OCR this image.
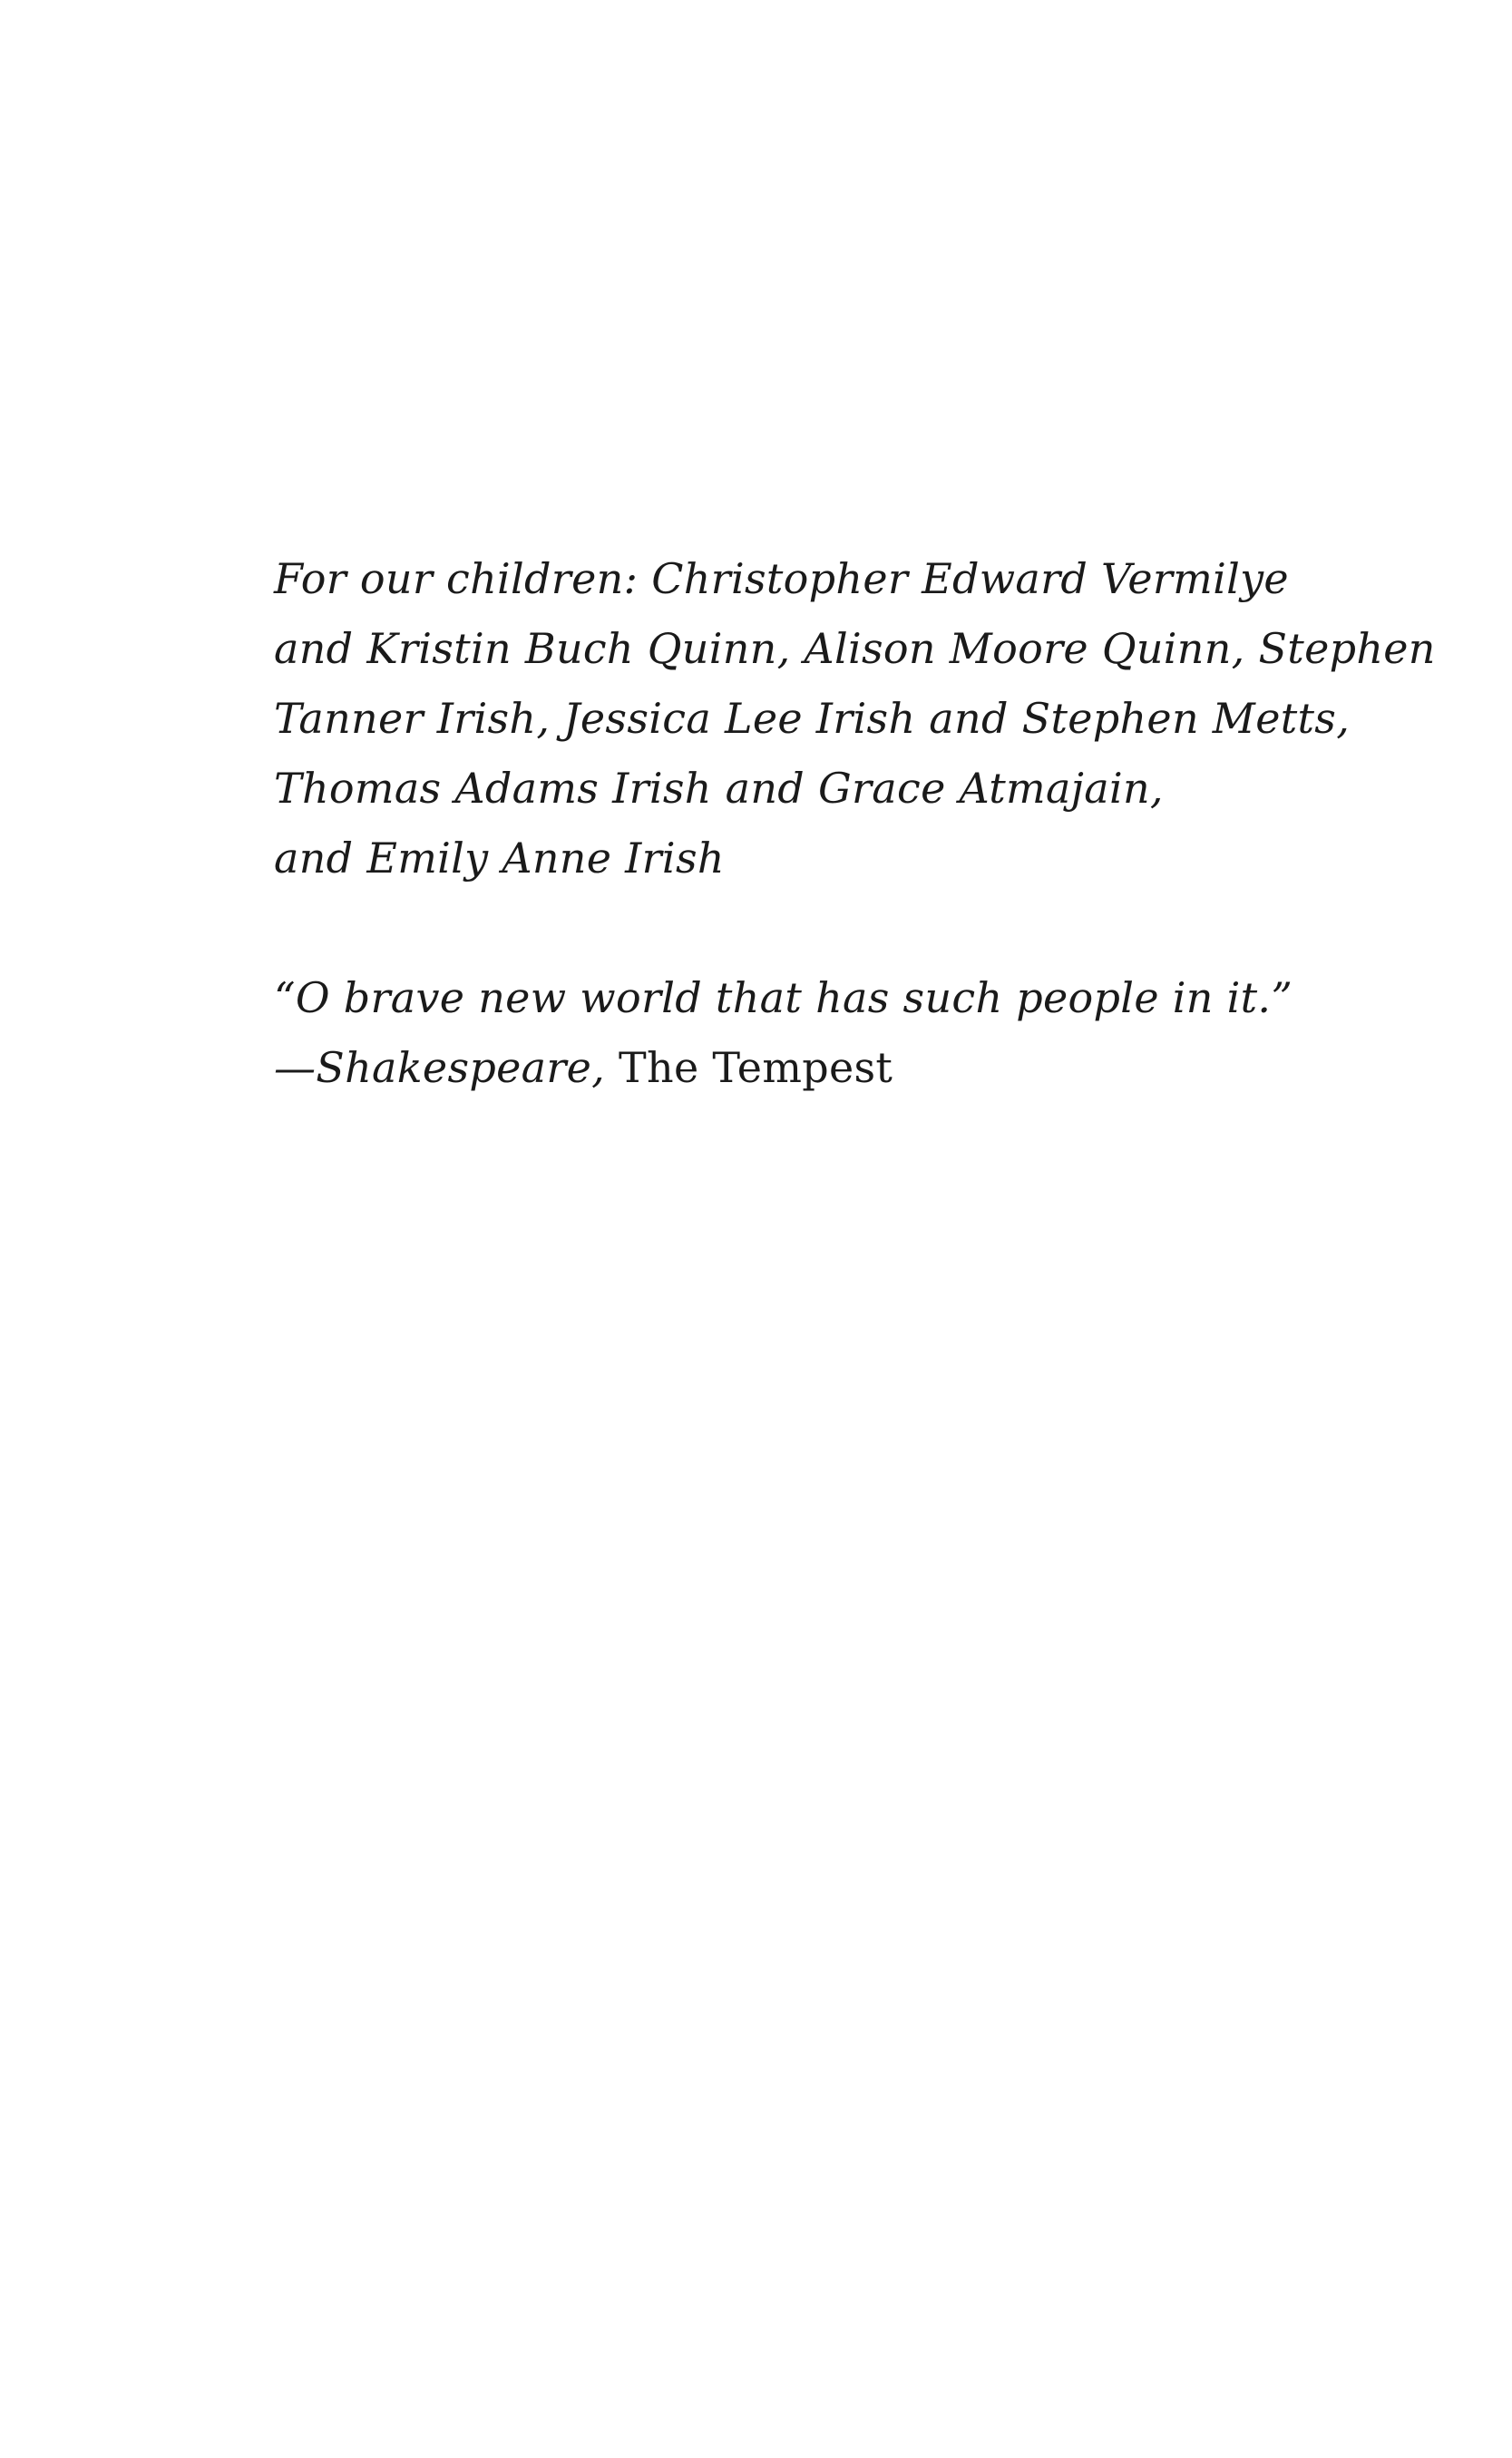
For our children: Christopher Edward Vermilye
and Kristin Buch Quinn, Alison Moore Quinn, Stephen
Tanner Irish, Jessica Lee Irish and Stephen Metts,
Thomas Adams Irish and Grace Atmajain,
and Emily Anne Irish
“O brave new world that has such people in it.”
—Shakespeare, The Tempest
